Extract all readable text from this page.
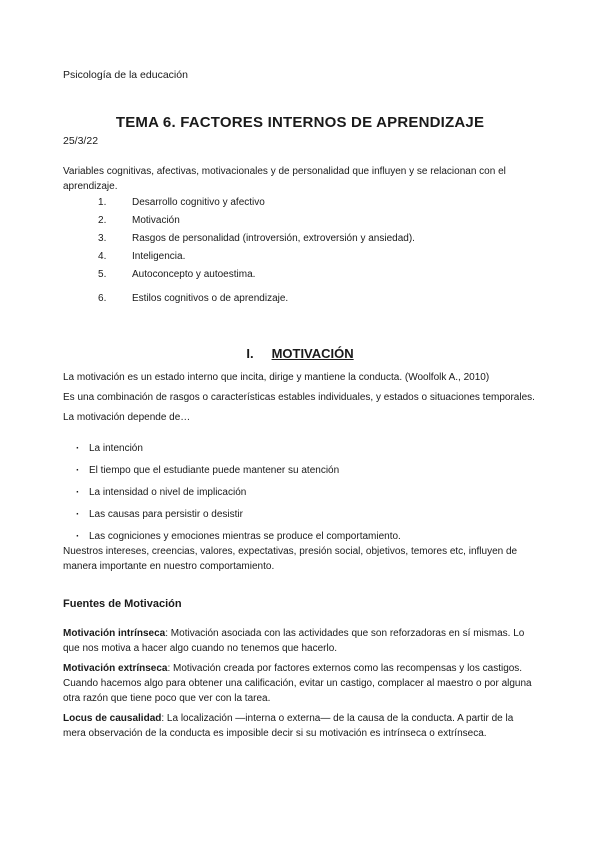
Psicología de la educación

TEMA 6. FACTORES INTERNOS DE APRENDIZAJE

25/3/22

Variables cognitivas, afectivas, motivacionales y de personalidad que influyen y se relacionan con el aprendizaje.

Desarrollo cognitivo y afectivo
Motivación
Rasgos de personalidad (introversión, extroversión y ansiedad).
Inteligencia.
Autoconcepto y autoestima.
Estilos cognitivos o de aprendizaje.
I. MOTIVACIÓN

La motivación es un estado interno que incita, dirige y mantiene la conducta. (Woolfolk A., 2010)

Es una combinación de rasgos o características estables individuales, y estados o situaciones temporales.

La motivación depende de…

· La intención
· El tiempo que el estudiante puede mantener su atención
· La intensidad o nivel de implicación
· Las causas para persistir o desistir
· Las cogniciones y emociones mientras se produce el comportamiento.

Nuestros intereses, creencias, valores, expectativas, presión social, objetivos, temores etc, influyen de manera importante en nuestro comportamiento.

Fuentes de Motivación

Motivación intrínseca: Motivación asociada con las actividades que son reforzadoras en sí mismas. Lo que nos motiva a hacer algo cuando no tenemos que hacerlo.

Motivación extrínseca: Motivación creada por factores externos como las recompensas y los castigos. Cuando hacemos algo para obtener una calificación, evitar un castigo, complacer al maestro o por alguna otra razón que tiene poco que ver con la tarea.

Locus de causalidad: La localización —interna o externa— de la causa de la conducta. A partir de la mera observación de la conducta es imposible decir si su motivación es intrínseca o extrínseca.
